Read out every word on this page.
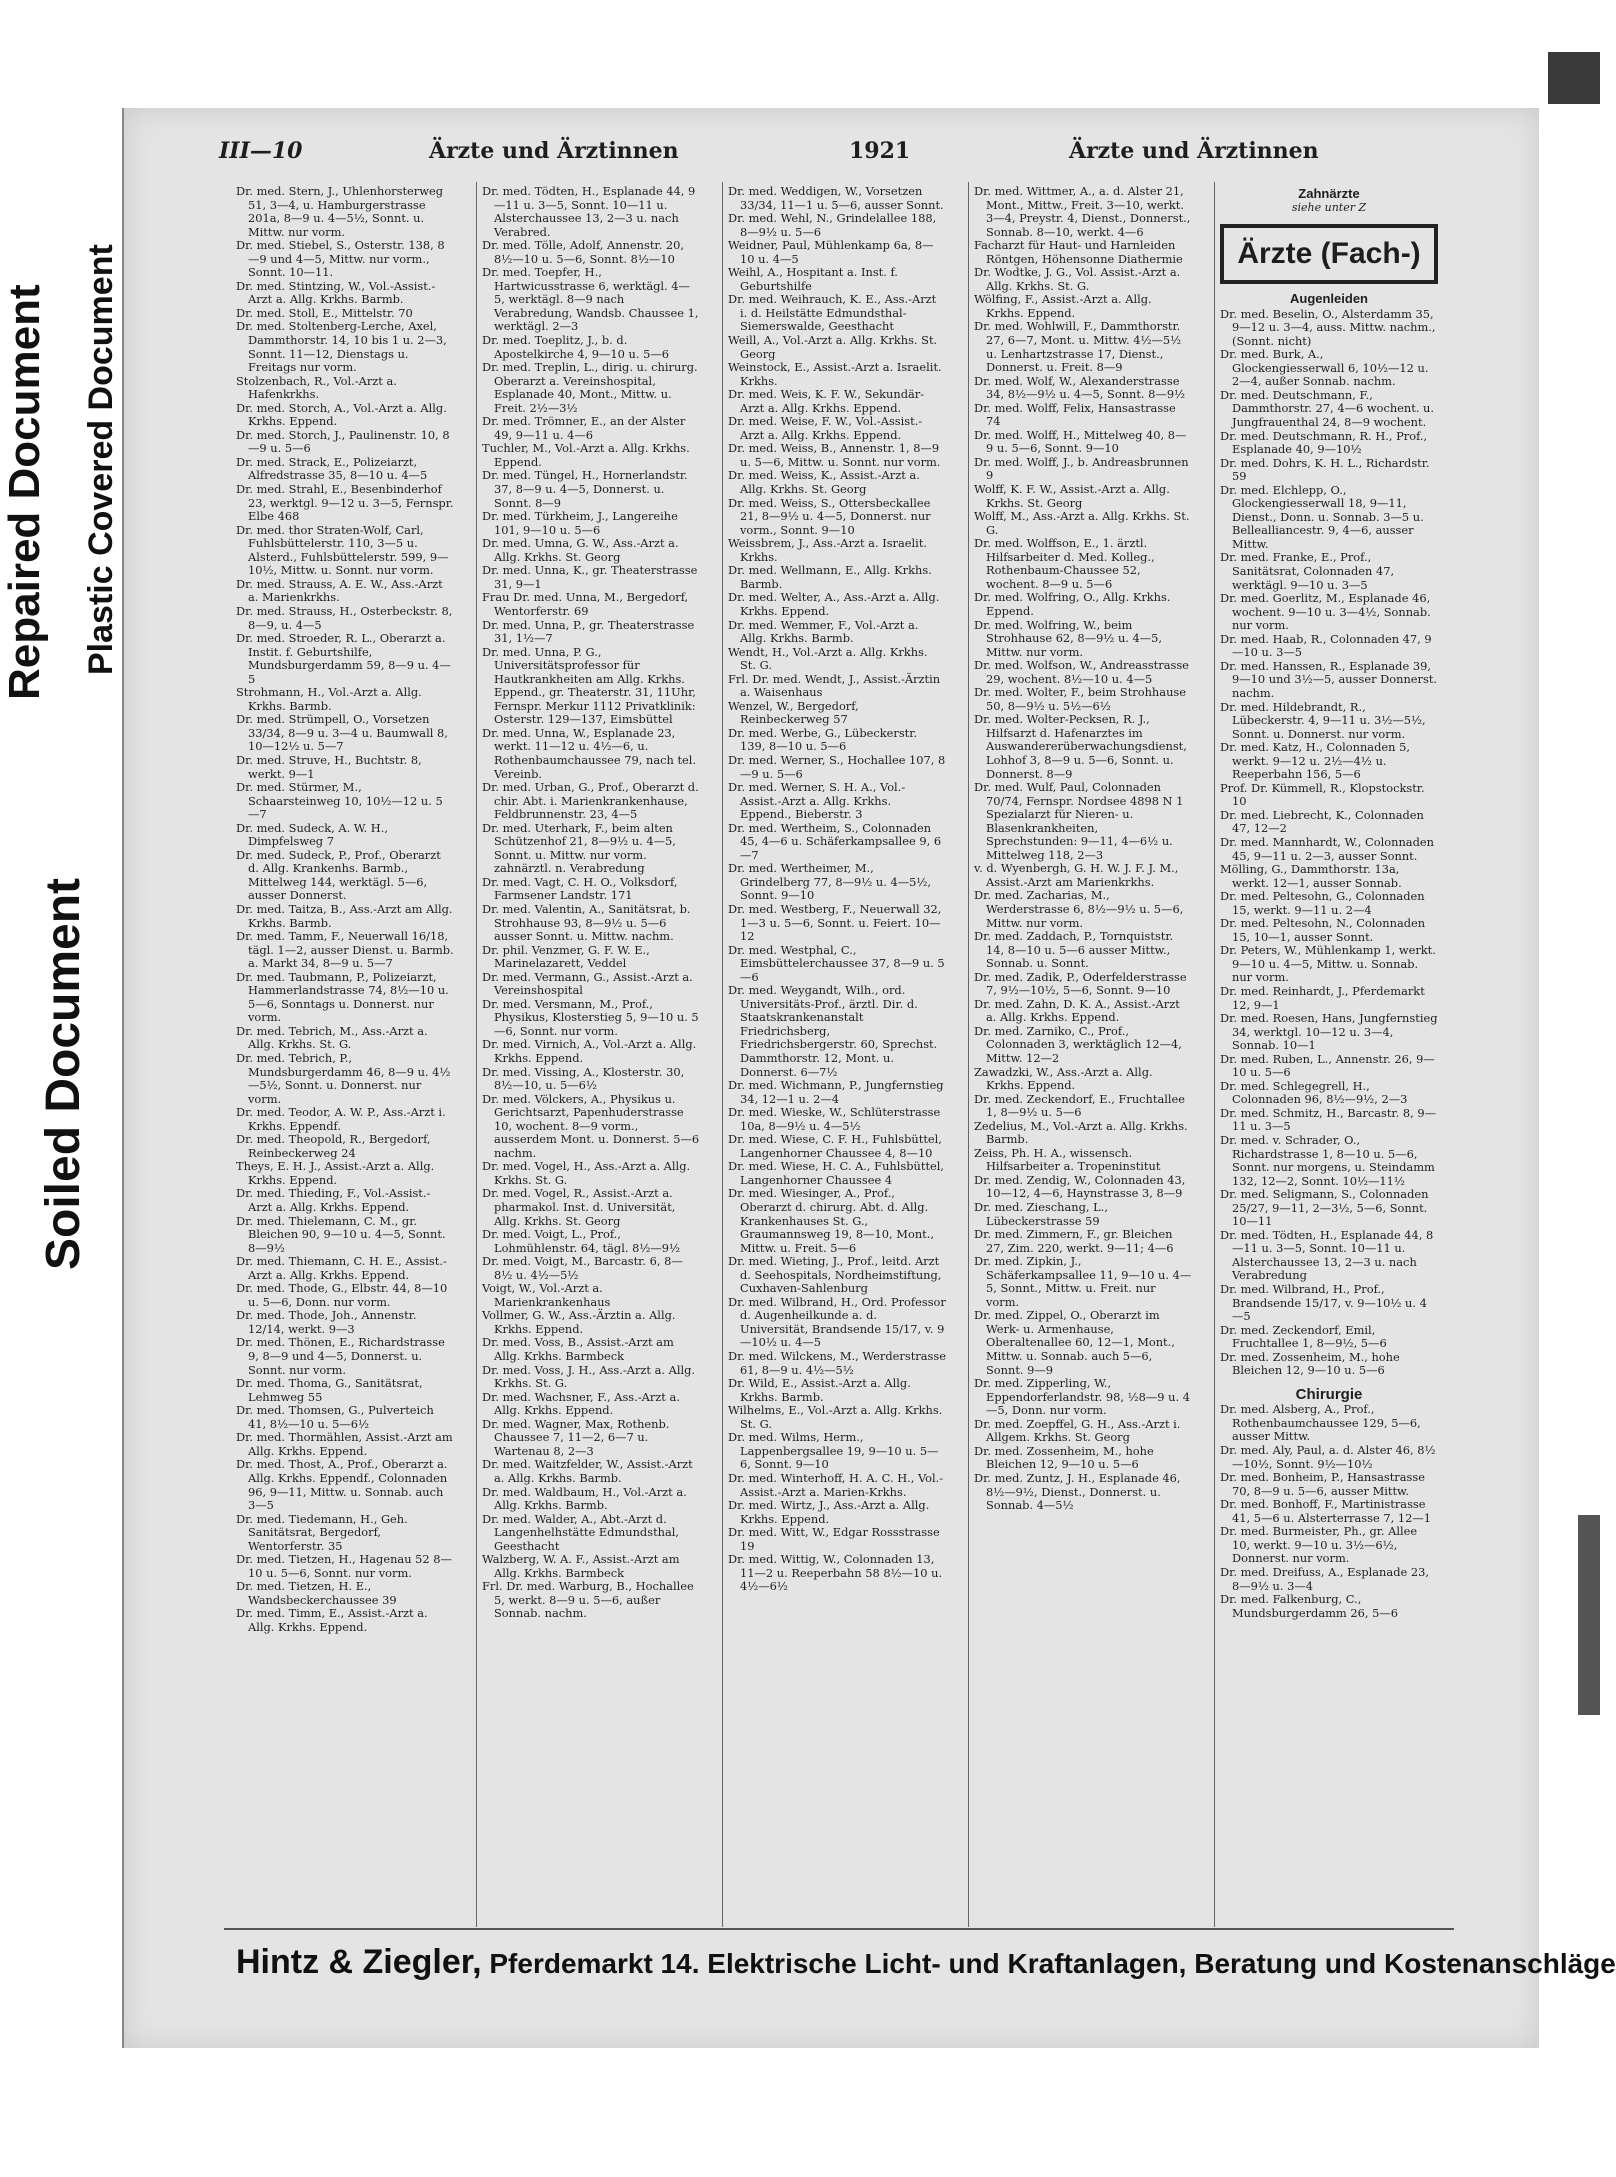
Repaired Document Plastic Covered Document
Soiled Document
III—10	Ärzte und Ärztinnen	1921	Ärzte und Ärztinnen

Dr. med. Stern, J., Uhlenhorsterweg 51, 3—4, u. Hamburgerstrasse 201a, 8—9 u. 4—5½, Sonnt. u. Mittw. nur vorm.

Dr. med. Stiebel, S., Osterstr. 138, 8—9 und 4—5, Mittw. nur vorm., Sonnt. 10—11.

Dr. med. Stintzing, W., Vol.-Assist.-Arzt a. Allg. Krkhs. Barmb.

Dr. med. Stoll, E., Mittelstr. 70

Dr. med. Stoltenberg-Lerche, Axel, Dammthorstr. 14, 10 bis 1 u. 2—3, Sonnt. 11—12, Dienstags u. Freitags nur vorm.

Stolzenbach, R., Vol.-Arzt a. Hafenkrkhs.

Dr. med. Storch, A., Vol.-Arzt a. Allg. Krkhs. Eppend.

Dr. med. Storch, J., Paulinenstr. 10, 8—9 u. 5—6

Dr. med. Strack, E., Polizeiarzt, Alfredstrasse 35, 8—10 u. 4—5

Dr. med. Strahl, E., Besenbinderhof 23, werktgl. 9—12 u. 3—5, Fernspr. Elbe 468

Dr. med. thor Straten-Wolf, Carl, Fuhlsbüttelerstr. 110, 3—5 u. Alsterd., Fuhlsbüttelerstr. 599, 9—10½, Mittw. u. Sonnt. nur vorm.

Dr. med. Strauss, A. E. W., Ass.-Arzt a. Marienkrkhs.

Dr. med. Strauss, H., Osterbeckstr. 8, 8—9, u. 4—5

Dr. med. Stroeder, R. L., Oberarzt a. Instit. f. Geburtshilfe, Mundsburgerdamm 59, 8—9 u. 4—5

Strohmann, H., Vol.-Arzt a. Allg. Krkhs. Barmb.

Dr. med. Strümpell, O., Vorsetzen 33/34, 8—9 u. 3—4 u. Baumwall 8, 10—12½ u. 5—7

Dr. med. Struve, H., Buchtstr. 8, werkt. 9—1

Dr. med. Stürmer, M., Schaarsteinweg 10, 10½—12 u. 5—7

Dr. med. Sudeck, A. W. H., Dimpfelsweg 7

Dr. med. Sudeck, P., Prof., Oberarzt d. Allg. Krankenhs. Barmb., Mittelweg 144, werktägl. 5—6, ausser Donnerst.

Dr. med. Taitza, B., Ass.-Arzt am Allg. Krkhs. Barmb.

Dr. med. Tamm, F., Neuerwall 16/18, tägl. 1—2, ausser Dienst. u. Barmb. a. Markt 34, 8—9 u. 5—7

Dr. med. Taubmann, P., Polizeiarzt, Hammerlandstrasse 74, 8½—10 u. 5—6, Sonntags u. Donnerst. nur vorm.

Dr. med. Tebrich, M., Ass.-Arzt a. Allg. Krkhs. St. G.

Dr. med. Tebrich, P., Mundsburgerdamm 46, 8—9 u. 4½—5½, Sonnt. u. Donnerst. nur vorm.

Dr. med. Teodor, A. W. P., Ass.-Arzt i. Krkhs. Eppendf.

Dr. med. Theopold, R., Bergedorf, Reinbeckerweg 24

Theys, E. H. J., Assist.-Arzt a. Allg. Krkhs. Eppend.

Dr. med. Thieding, F., Vol.-Assist.-Arzt a. Allg. Krkhs. Eppend.

Dr. med. Thielemann, C. M., gr. Bleichen 90, 9—10 u. 4—5, Sonnt. 8—9½

Dr. med. Thiemann, C. H. E., Assist.-Arzt a. Allg. Krkhs. Eppend.

Dr. med. Thode, G., Elbstr. 44, 8—10 u. 5—6, Donn. nur vorm.

Dr. med. Thode, Joh., Annenstr. 12/14, werkt. 9—3

Dr. med. Thönen, E., Richardstrasse 9, 8—9 und 4—5, Donnerst. u. Sonnt. nur vorm.

Dr. med. Thoma, G., Sanitätsrat, Lehmweg 55

Dr. med. Thomsen, G., Pulverteich 41, 8½—10 u. 5—6½

Dr. med. Thormählen, Assist.-Arzt am Allg. Krkhs. Eppend.

Dr. med. Thost, A., Prof., Oberarzt a. Allg. Krkhs. Eppendf., Colonnaden 96, 9—11, Mittw. u. Sonnab. auch 3—5

Dr. med. Tiedemann, H., Geh. Sanitätsrat, Bergedorf, Wentorferstr. 35

Dr. med. Tietzen, H., Hagenau 52 8—10 u. 5—6, Sonnt. nur vorm.

Dr. med. Tietzen, H. E., Wandsbeckerchaussee 39

Dr. med. Timm, E., Assist.-Arzt a. Allg. Krkhs. Eppend.

Dr. med. Tödten, H., Esplanade 44, 9—11 u. 3—5, Sonnt. 10—11 u. Alsterchaussee 13, 2—3 u. nach Verabred.

Dr. med. Tölle, Adolf, Annenstr. 20, 8½—10 u. 5—6, Sonnt. 8½—10

Dr. med. Toepfer, H., Hartwicusstrasse 6, werktägl. 4—5, werktägl. 8—9 nach Verabredung, Wandsb. Chaussee 1, werktägl. 2—3

Dr. med. Toeplitz, J., b. d. Apostelkirche 4, 9—10 u. 5—6

Dr. med. Treplin, L., dirig. u. chirurg. Oberarzt a. Vereinshospital, Esplanade 40, Mont., Mittw. u. Freit. 2½—3½

Dr. med. Trömner, E., an der Alster 49, 9—11 u. 4—6

Tuchler, M., Vol.-Arzt a. Allg. Krkhs. Eppend.

Dr. med. Tüngel, H., Hornerlandstr. 37, 8—9 u. 4—5, Donnerst. u. Sonnt. 8—9

Dr. med. Türkheim, J., Langereihe 101, 9—10 u. 5—6

Dr. med. Umna, G. W., Ass.-Arzt a. Allg. Krkhs. St. Georg

Dr. med. Unna, K., gr. Theaterstrasse 31, 9—1

Frau Dr. med. Unna, M., Bergedorf, Wentorferstr. 69

Dr. med. Unna, P., gr. Theaterstrasse 31, 1½—7

Dr. med. Unna, P. G., Universitätsprofessor für Hautkrankheiten am Allg. Krkhs. Eppend., gr. Theaterstr. 31, 11Uhr, Fernspr. Merkur 1112 Privatklinik: Osterstr. 129—137, Eimsbüttel

Dr. med. Unna, W., Esplanade 23, werkt. 11—12 u. 4½—6, u. Rothenbaumchaussee 79, nach tel. Vereinb.

Dr. med. Urban, G., Prof., Oberarzt d. chir. Abt. i. Marienkrankenhause, Feldbrunnenstr. 23, 4—5

Dr. med. Uterhark, F., beim alten Schützenhof 21, 8—9½ u. 4—5, Sonnt. u. Mittw. nur vorm. zahnärztl. n. Verabredung

Dr. med. Vagt, C. H. O., Volksdorf, Farmsener Landstr. 171

Dr. med. Valentin, A., Sanitätsrat, b. Strohhause 93, 8—9½ u. 5—6 ausser Sonnt. u. Mittw. nachm.

Dr. phil. Venzmer, G. F. W. E., Marinelazarett, Veddel

Dr. med. Vermann, G., Assist.-Arzt a. Vereinshospital

Dr. med. Versmann, M., Prof., Physikus, Klosterstieg 5, 9—10 u. 5—6, Sonnt. nur vorm.

Dr. med. Virnich, A., Vol.-Arzt a. Allg. Krkhs. Eppend.

Dr. med. Vissing, A., Klosterstr. 30, 8½—10, u. 5—6½

Dr. med. Völckers, A., Physikus u. Gerichtsarzt, Papenhuderstrasse 10, wochent. 8—9 vorm., ausserdem Mont. u. Donnerst. 5—6 nachm.

Dr. med. Vogel, H., Ass.-Arzt a. Allg. Krkhs. St. G.

Dr. med. Vogel, R., Assist.-Arzt a. pharmakol. Inst. d. Universität, Allg. Krkhs. St. Georg

Dr. med. Voigt, L., Prof., Lohmühlenstr. 64, tägl. 8½—9½

Dr. med. Voigt, M., Barcastr. 6, 8—8½ u. 4½—5½

Voigt, W., Vol.-Arzt a. Marienkrankenhaus

Vollmer, G. W., Ass.-Ärztin a. Allg. Krkhs. Eppend.

Dr. med. Voss, B., Assist.-Arzt am Allg. Krkhs. Barmbeck

Dr. med. Voss, J. H., Ass.-Arzt a. Allg. Krkhs. St. G.

Dr. med. Wachsner, F., Ass.-Arzt a. Allg. Krkhs. Eppend.

Dr. med. Wagner, Max, Rothenb. Chaussee 7, 11—2, 6—7 u. Wartenau 8, 2—3

Dr. med. Waitzfelder, W., Assist.-Arzt a. Allg. Krkhs. Barmb.

Dr. med. Waldbaum, H., Vol.-Arzt a. Allg. Krkhs. Barmb.

Dr. med. Walder, A., Abt.-Arzt d. Langenhelhstätte Edmundsthal, Geesthacht

Walzberg, W. A. F., Assist.-Arzt am Allg. Krkhs. Barmbeck

Frl. Dr. med. Warburg, B., Hochallee 5, werkt. 8—9 u. 5—6, außer Sonnab. nachm.

Dr. med. Weddigen, W., Vorsetzen 33/34, 11—1 u. 5—6, ausser Sonnt.

Dr. med. Wehl, N., Grindelallee 188, 8—9½ u. 5—6

Weidner, Paul, Mühlenkamp 6a, 8—10 u. 4—5

Weihl, A., Hospitant a. Inst. f. Geburtshilfe

Dr. med. Weihrauch, K. E., Ass.-Arzt i. d. Heilstätte Edmundsthal-Siemerswalde, Geesthacht

Weill, A., Vol.-Arzt a. Allg. Krkhs. St. Georg

Weinstock, E., Assist.-Arzt a. Israelit. Krkhs.

Dr. med. Weis, K. F. W., Sekundär-Arzt a. Allg. Krkhs. Eppend.

Dr. med. Weise, F. W., Vol.-Assist.-Arzt a. Allg. Krkhs. Eppend.

Dr. med. Weiss, B., Annenstr. 1, 8—9 u. 5—6, Mittw. u. Sonnt. nur vorm.

Dr. med. Weiss, K., Assist.-Arzt a. Allg. Krkhs. St. Georg

Dr. med. Weiss, S., Ottersbeckallee 21, 8—9½ u. 4—5, Donnerst. nur vorm., Sonnt. 9—10

Weissbrem, J., Ass.-Arzt a. Israelit. Krkhs.

Dr. med. Wellmann, E., Allg. Krkhs. Barmb.

Dr. med. Welter, A., Ass.-Arzt a. Allg. Krkhs. Eppend.

Dr. med. Wemmer, F., Vol.-Arzt a. Allg. Krkhs. Barmb.

Wendt, H., Vol.-Arzt a. Allg. Krkhs. St. G.

Frl. Dr. med. Wendt, J., Assist.-Ärztin a. Waisenhaus

Wenzel, W., Bergedorf, Reinbeckerweg 57

Dr. med. Werbe, G., Lübeckerstr. 139, 8—10 u. 5—6

Dr. med. Werner, S., Hochallee 107, 8—9 u. 5—6

Dr. med. Werner, S. H. A., Vol.-Assist.-Arzt a. Allg. Krkhs. Eppend., Bieberstr. 3

Dr. med. Wertheim, S., Colonnaden 45, 4—6 u. Schäferkampsallee 9, 6—7

Dr. med. Wertheimer, M., Grindelberg 77, 8—9½ u. 4—5½, Sonnt. 9—10

Dr. med. Westberg, F., Neuerwall 32, 1—3 u. 5—6, Sonnt. u. Feiert. 10—12

Dr. med. Westphal, C., Eimsbüttelerchaussee 37, 8—9 u. 5—6

Dr. med. Weygandt, Wilh., ord. Universitäts-Prof., ärztl. Dir. d. Staatskrankenanstalt Friedrichsberg, Friedrichsbergerstr. 60, Sprechst. Dammthorstr. 12, Mont. u. Donnerst. 6—7½

Dr. med. Wichmann, P., Jungfernstieg 34, 12—1 u. 2—4

Dr. med. Wieske, W., Schlüterstrasse 10a, 8—9½ u. 4—5½

Dr. med. Wiese, C. F. H., Fuhlsbüttel, Langenhorner Chaussee 4, 8—10

Dr. med. Wiese, H. C. A., Fuhlsbüttel, Langenhorner Chaussee 4

Dr. med. Wiesinger, A., Prof., Oberarzt d. chirurg. Abt. d. Allg. Krankenhauses St. G., Graumannsweg 19, 8—10, Mont., Mittw. u. Freit. 5—6

Dr. med. Wieting, J., Prof., leitd. Arzt d. Seehospitals, Nordheimstiftung, Cuxhaven-Sahlenburg

Dr. med. Wilbrand, H., Ord. Professor d. Augenheilkunde a. d. Universität, Brandsende 15/17, v. 9—10½ u. 4—5

Dr. med. Wilckens, M., Werderstrasse 61, 8—9 u. 4½—5½

Dr. Wild, E., Assist.-Arzt a. Allg. Krkhs. Barmb.

Wilhelms, E., Vol.-Arzt a. Allg. Krkhs. St. G.

Dr. med. Wilms, Herm., Lappenbergsallee 19, 9—10 u. 5—6, Sonnt. 9—10

Dr. med. Winterhoff, H. A. C. H., Vol.-Assist.-Arzt a. Marien-Krkhs.

Dr. med. Wirtz, J., Ass.-Arzt a. Allg. Krkhs. Eppend.

Dr. med. Witt, W., Edgar Rossstrasse 19

Dr. med. Wittig, W., Colonnaden 13, 11—2 u. Reeperbahn 58 8½—10 u. 4½—6½

Dr. med. Wittmer, A., a. d. Alster 21, Mont., Mittw., Freit. 3—10, werkt. 3—4, Preystr. 4, Dienst., Donnerst., Sonnab. 8—10, werkt. 4—6

Facharzt für Haut- und Harnleiden Röntgen, Höhensonne Diathermie

Dr. Wodtke, J. G., Vol. Assist.-Arzt a. Allg. Krkhs. St. G.

Wölfing, F., Assist.-Arzt a. Allg. Krkhs. Eppend.

Dr. med. Wohlwill, F., Dammthorstr. 27, 6—7, Mont. u. Mittw. 4½—5½ u. Lenhartzstrasse 17, Dienst., Donnerst. u. Freit. 8—9

Dr. med. Wolf, W., Alexanderstrasse 34, 8½—9½ u. 4—5, Sonnt. 8—9½

Dr. med. Wolff, Felix, Hansastrasse 74

Dr. med. Wolff, H., Mittelweg 40, 8—9 u. 5—6, Sonnt. 9—10

Dr. med. Wolff, J., b. Andreasbrunnen 9

Wolff, K. F. W., Assist.-Arzt a. Allg. Krkhs. St. Georg

Wolff, M., Ass.-Arzt a. Allg. Krkhs. St. G.

Dr. med. Wolffson, E., 1. ärztl. Hilfsarbeiter d. Med. Kolleg., Rothenbaum-Chaussee 52, wochent. 8—9 u. 5—6

Dr. med. Wolfring, O., Allg. Krkhs. Eppend.

Dr. med. Wolfring, W., beim Strohhause 62, 8—9½ u. 4—5, Mittw. nur vorm.

Dr. med. Wolfson, W., Andreasstrasse 29, wochent. 8½—10 u. 4—5

Dr. med. Wolter, F., beim Strohhause 50, 8—9½ u. 5½—6½

Dr. med. Wolter-Pecksen, R. J., Hilfsarzt d. Hafenarztes im Auswandererüberwachungsdienst, Lohhof 3, 8—9 u. 5—6, Sonnt. u. Donnerst. 8—9

Dr. med. Wulf, Paul, Colonnaden 70/74, Fernspr. Nordsee 4898 N 1 Spezialarzt für Nieren- u. Blasenkrankheiten, Sprechstunden: 9—11, 4—6½ u. Mittelweg 118, 2—3

v. d. Wyenbergh, G. H. W. J. F. J. M., Assist.-Arzt am Marienkrkhs.

Dr. med. Zacharias, M., Werderstrasse 6, 8½—9½ u. 5—6, Mittw. nur vorm.

Dr. med. Zaddach, P., Tornquiststr. 14, 8—10 u. 5—6 ausser Mittw., Sonnab. u. Sonnt.

Dr. med. Zadik, P., Oderfelderstrasse 7, 9½—10½, 5—6, Sonnt. 9—10

Dr. med. Zahn, D. K. A., Assist.-Arzt a. Allg. Krkhs. Eppend.

Dr. med. Zarniko, C., Prof., Colonnaden 3, werktäglich 12—4, Mittw. 12—2

Zawadzki, W., Ass.-Arzt a. Allg. Krkhs. Eppend.

Dr. med. Zeckendorf, E., Fruchtallee 1, 8—9½ u. 5—6

Zedelius, M., Vol.-Arzt a. Allg. Krkhs. Barmb.

Zeiss, Ph. H. A., wissensch. Hilfsarbeiter a. Tropeninstitut

Dr. med. Zendig, W., Colonnaden 43, 10—12, 4—6, Haynstrasse 3, 8—9

Dr. med. Zieschang, L., Lübeckerstrasse 59

Dr. med. Zimmern, F., gr. Bleichen 27, Zim. 220, werkt. 9—11; 4—6

Dr. med. Zipkin, J., Schäferkampsallee 11, 9—10 u. 4—5, Sonnt., Mittw. u. Freit. nur vorm.

Dr. med. Zippel, O., Oberarzt im Werk- u. Armenhause, Oberaltenallee 60, 12—1, Mont., Mittw. u. Sonnab. auch 5—6, Sonnt. 9—9

Dr. med. Zipperling, W., Eppendorferlandstr. 98, ½8—9 u. 4—5, Donn. nur vorm.

Dr. med. Zoepffel, G. H., Ass.-Arzt i. Allgem. Krkhs. St. Georg

Dr. med. Zossenheim, M., hohe Bleichen 12, 9—10 u. 5—6

Dr. med. Zuntz, J. H., Esplanade 46, 8½—9½, Dienst., Donnerst. u. Sonnab. 4—5½

Zahnärzte
siehe unter Z
Ärzte (Fach-)
Augenleiden

Dr. med. Beselin, O., Alsterdamm 35, 9—12 u. 3—4, auss. Mittw. nachm., (Sonnt. nicht)

Dr. med. Burk, A., Glockengiesserwall 6, 10½—12 u. 2—4, außer Sonnab. nachm.

Dr. med. Deutschmann, F., Dammthorstr. 27, 4—6 wochent. u. Jungfrauenthal 24, 8—9 wochent.

Dr. med. Deutschmann, R. H., Prof., Esplanade 40, 9—10½

Dr. med. Dohrs, K. H. L., Richardstr. 59

Dr. med. Elchlepp, O., Glockengiesserwall 18, 9—11, Dienst., Donn. u. Sonnab. 3—5 u. Bellealliancestr. 9, 4—6, ausser Mittw.

Dr. med. Franke, E., Prof., Sanitätsrat, Colonnaden 47, werktägl. 9—10 u. 3—5

Dr. med. Goerlitz, M., Esplanade 46, wochent. 9—10 u. 3—4½, Sonnab. nur vorm.

Dr. med. Haab, R., Colonnaden 47, 9—10 u. 3—5

Dr. med. Hanssen, R., Esplanade 39, 9—10 und 3½—5, ausser Donnerst. nachm.

Dr. med. Hildebrandt, R., Lübeckerstr. 4, 9—11 u. 3½—5½, Sonnt. u. Donnerst. nur vorm.

Dr. med. Katz, H., Colonnaden 5, werkt. 9—12 u. 2½—4½ u. Reeperbahn 156, 5—6

Prof. Dr. Kümmell, R., Klopstockstr. 10

Dr. med. Liebrecht, K., Colonnaden 47, 12—2

Dr. med. Mannhardt, W., Colonnaden 45, 9—11 u. 2—3, ausser Sonnt.

Mölling, G., Dammthorstr. 13a, werkt. 12—1, ausser Sonnab.

Dr. med. Peltesohn, G., Colonnaden 15, werkt. 9—11 u. 2—4

Dr. med. Peltesohn, N., Colonnaden 15, 10—1, ausser Sonnt.

Dr. Peters, W., Mühlenkamp 1, werkt. 9—10 u. 4—5, Mittw. u. Sonnab. nur vorm.

Dr. med. Reinhardt, J., Pferdemarkt 12, 9—1

Dr. med. Roesen, Hans, Jungfernstieg 34, werktgl. 10—12 u. 3—4, Sonnab. 10—1

Dr. med. Ruben, L., Annenstr. 26, 9—10 u. 5—6

Dr. med. Schlegegrell, H., Colonnaden 96, 8½—9½, 2—3

Dr. med. Schmitz, H., Barcastr. 8, 9—11 u. 3—5

Dr. med. v. Schrader, O., Richardstrasse 1, 8—10 u. 5—6, Sonnt. nur morgens, u. Steindamm 132, 12—2, Sonnt. 10½—11½

Dr. med. Seligmann, S., Colonnaden 25/27, 9—11, 2—3½, 5—6, Sonnt. 10—11

Dr. med. Tödten, H., Esplanade 44, 8—11 u. 3—5, Sonnt. 10—11 u. Alsterchaussee 13, 2—3 u. nach Verabredung

Dr. med. Wilbrand, H., Prof., Brandsende 15/17, v. 9—10½ u. 4—5

Dr. med. Zeckendorf, Emil, Fruchtallee 1, 8—9½, 5—6

Dr. med. Zossenheim, M., hohe Bleichen 12, 9—10 u. 5—6

Chirurgie

Dr. med. Alsberg, A., Prof., Rothenbaumchaussee 129, 5—6, ausser Mittw.

Dr. med. Aly, Paul, a. d. Alster 46, 8½—10½, Sonnt. 9½—10½

Dr. med. Bonheim, P., Hansastrasse 70, 8—9 u. 5—6, ausser Mittw.

Dr. med. Bonhoff, F., Martinistrasse 41, 5—6 u. Alsterterrasse 7, 12—1

Dr. med. Burmeister, Ph., gr. Allee 10, werkt. 9—10 u. 3½—6½, Donnerst. nur vorm.

Dr. med. Dreifuss, A., Esplanade 23, 8—9½ u. 3—4

Dr. med. Falkenburg, C., Mundsburgerdamm 26, 5—6

Hintz & Ziegler, Pferdemarkt 14. Elektrische Licht- und Kraftanlagen, Beratung und Kostenanschläge
